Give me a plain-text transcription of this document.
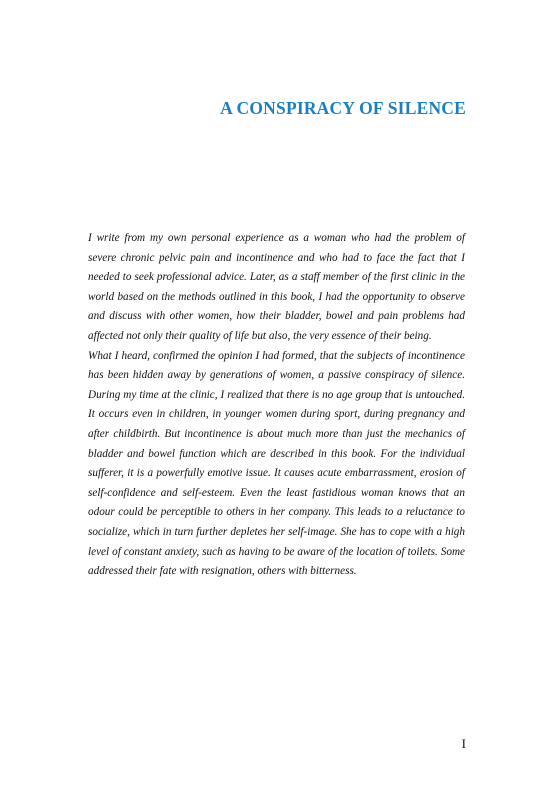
A CONSPIRACY OF SILENCE

I write from my own personal experience as a woman who had the problem of severe chronic pelvic pain and incontinence and who had to face the fact that I needed to seek professional advice. Later, as a staff member of the first clinic in the world based on the methods outlined in this book, I had the opportunity to observe and discuss with other women, how their bladder, bowel and pain problems had affected not only their quality of life but also, the very essence of their being.

What I heard, confirmed the opinion I had formed, that the subjects of incontinence has been hidden away by generations of women, a passive conspiracy of silence. During my time at the clinic, I realized that there is no age group that is untouched. It occurs even in children, in younger women during sport, during pregnancy and after childbirth. But incontinence is about much more than just the mechanics of bladder and bowel function which are described in this book. For the individual sufferer, it is a powerfully emotive issue. It causes acute embarrassment, erosion of self-confidence and self-esteem. Even the least fastidious woman knows that an odour could be perceptible to others in her company. This leads to a reluctance to socialize, which in turn further depletes her self-image. She has to cope with a high level of constant anxiety, such as having to be aware of the location of toilets. Some addressed their fate with resignation, others with bitterness.

I
